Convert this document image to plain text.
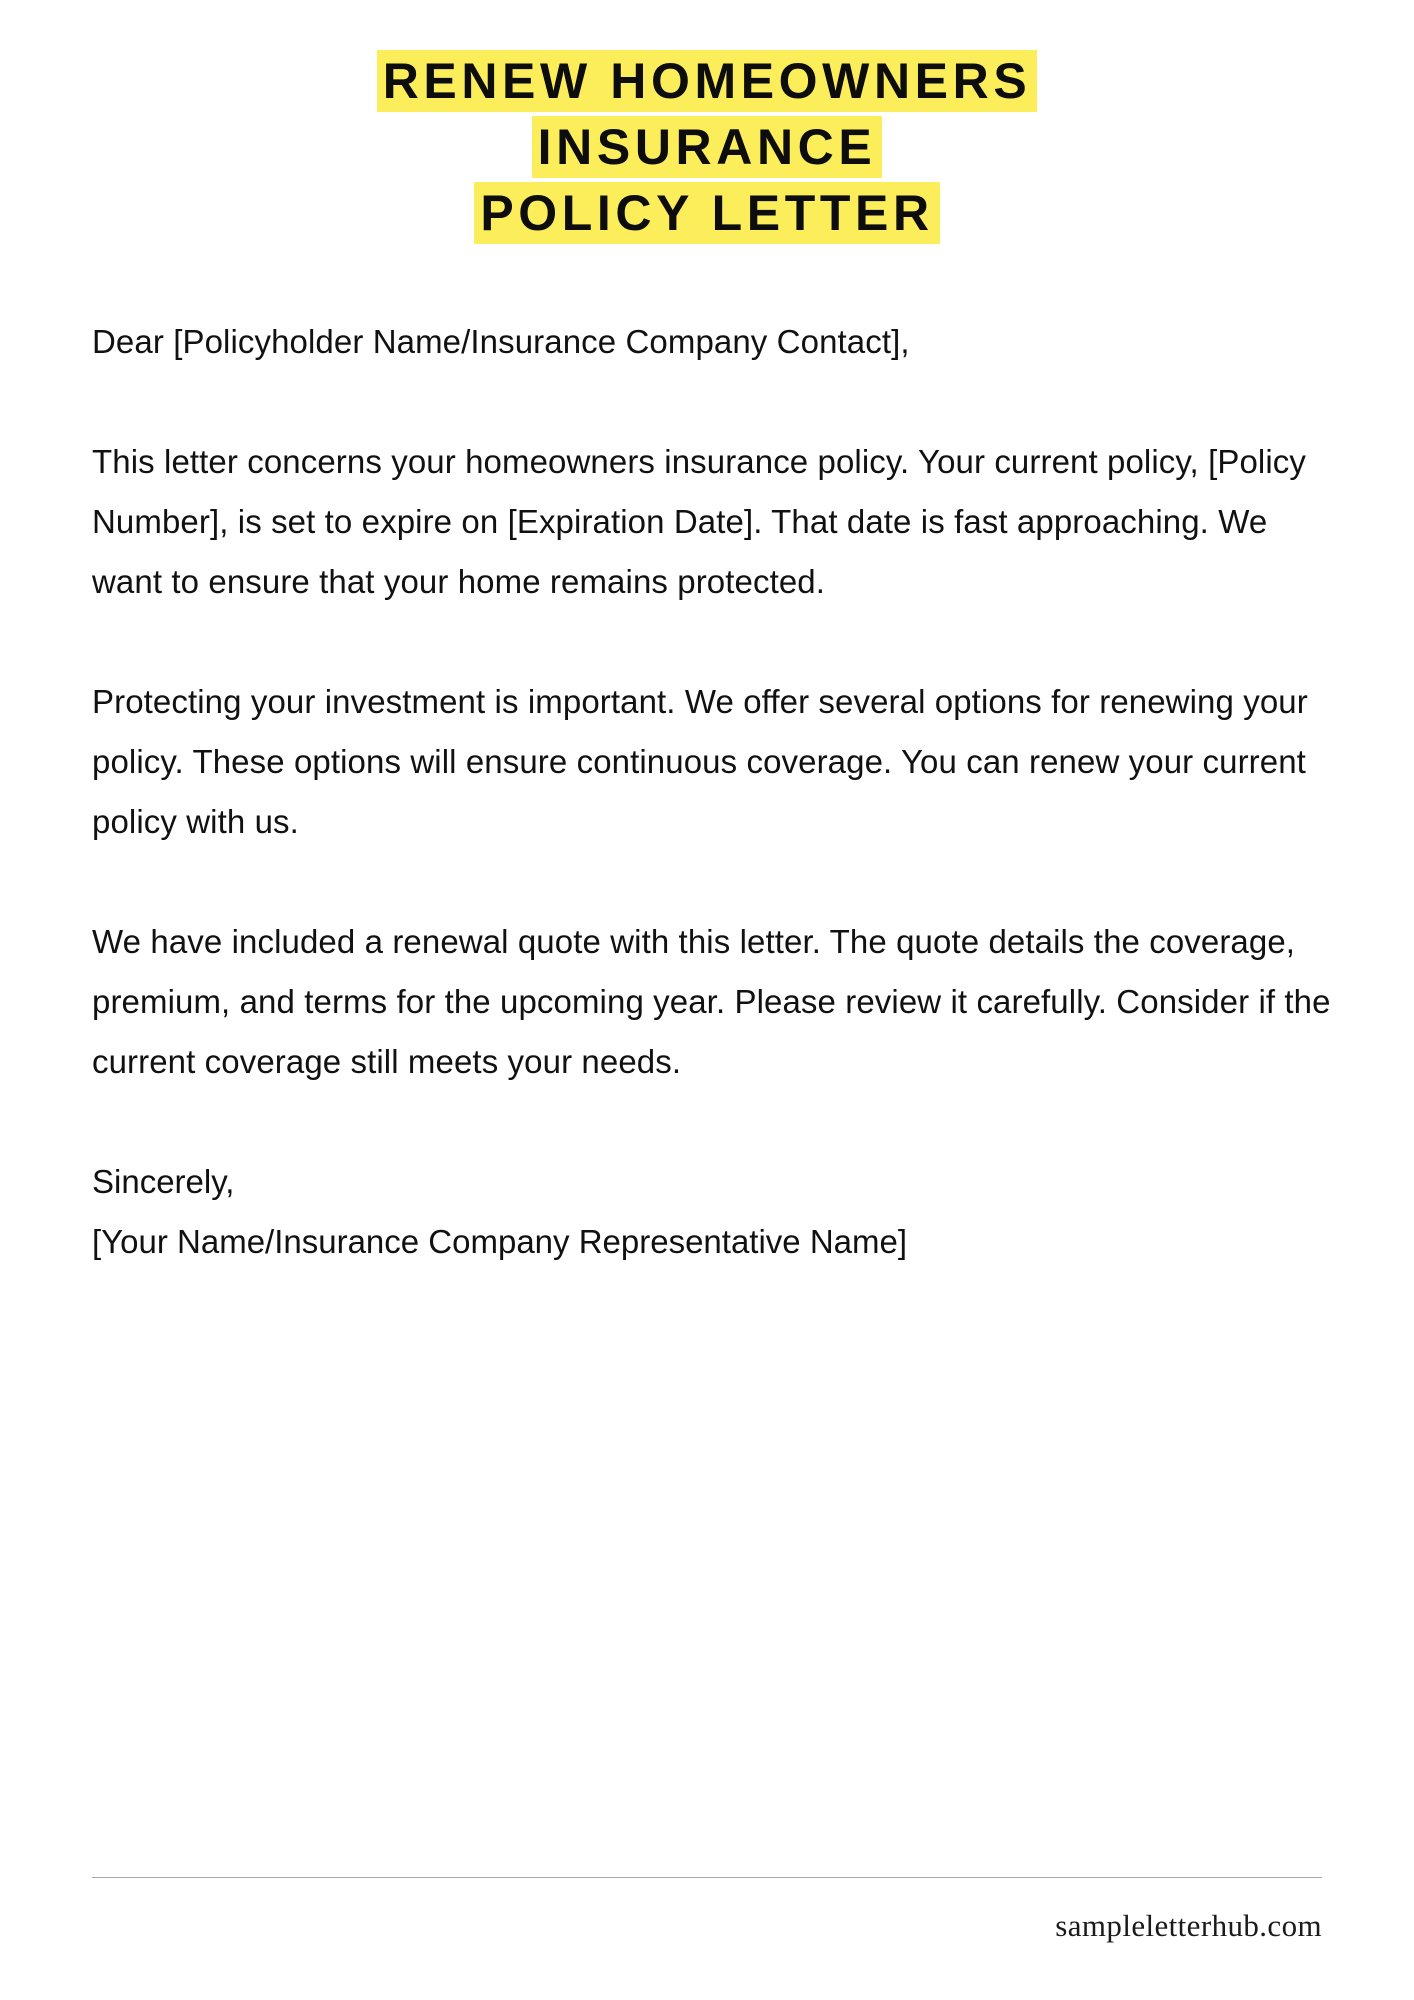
RENEW HOMEOWNERS INSURANCE
POLICY LETTER

Dear [Policyholder Name/Insurance Company Contact],

This letter concerns your homeowners insurance policy. Your current policy, [Policy Number], is set to expire on [Expiration Date]. That date is fast approaching. We want to ensure that your home remains protected.

Protecting your investment is important. We offer several options for renewing your policy. These options will ensure continuous coverage. You can renew your current policy with us.

We have included a renewal quote with this letter. The quote details the coverage, premium, and terms for the upcoming year. Please review it carefully. Consider if the current coverage still meets your needs.

Sincerely,

[Your Name/Insurance Company Representative Name]

sampleletterhub.com
